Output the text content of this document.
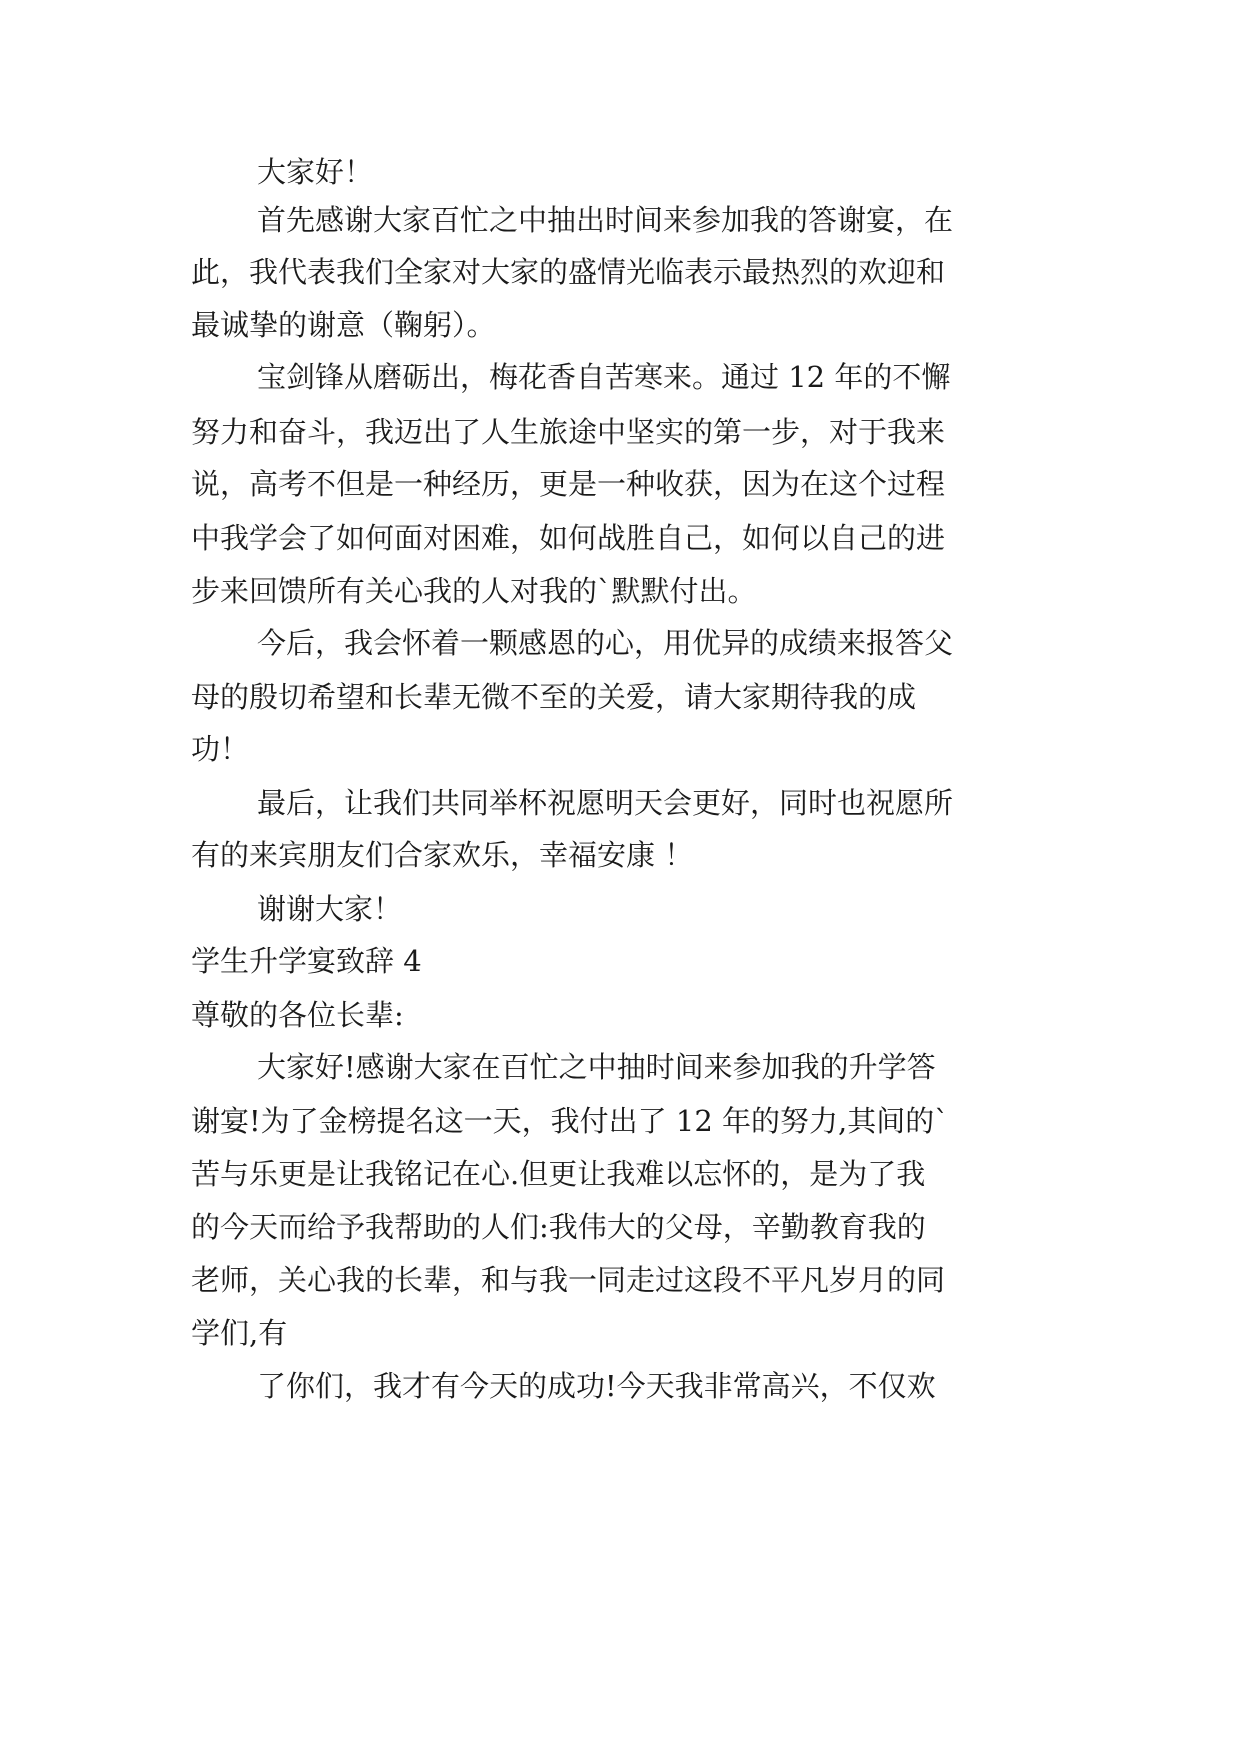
大家好！
首先感谢大家百忙之中抽出时间来参加我的答谢宴，在
此，我代表我们全家对大家的盛情光临表示最热烈的欢迎和
最诚挚的谢意（鞠躬）。
宝剑锋从磨砺出，梅花香自苦寒来。通过 12 年的不懈
努力和奋斗，我迈出了人生旅途中坚实的第一步，对于我来
说，高考不但是一种经历，更是一种收获，因为在这个过程
中我学会了如何面对困难，如何战胜自己，如何以自己的进
步来回馈所有关心我的人对我的`默默付出。
今后，我会怀着一颗感恩的心，用优异的成绩来报答父
母的殷切希望和长辈无微不至的关爱，请大家期待我的成
功！
最后，让我们共同举杯祝愿明天会更好，同时也祝愿所
有的来宾朋友们合家欢乐，幸福安康 ！
谢谢大家！
学生升学宴致辞 4
尊敬的各位长辈:
大家好!感谢大家在百忙之中抽时间来参加我的升学答
谢宴!为了金榜提名这一天，我付出了 12 年的努力,其间的`
苦与乐更是让我铭记在心.但更让我难以忘怀的，是为了我
的今天而给予我帮助的人们:我伟大的父母，辛勤教育我的
老师，关心我的长辈，和与我一同走过这段不平凡岁月的同
学们,有
了你们，我才有今天的成功!今天我非常高兴，不仅欢
